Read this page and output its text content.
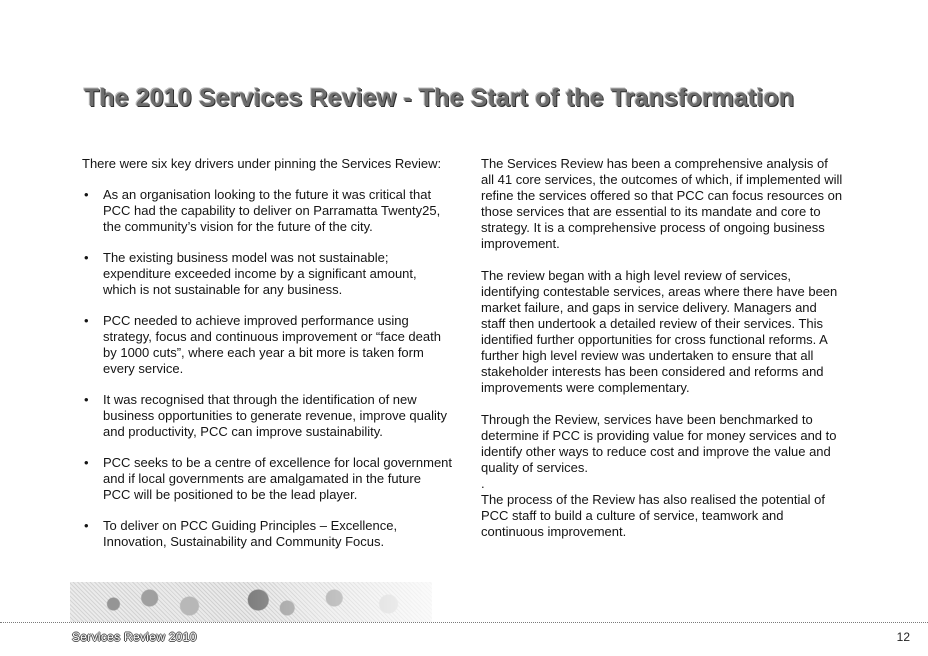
The 2010 Services Review - The Start of the Transformation

There were six key drivers under pinning the Services Review:

• As an organisation looking to the future it was critical that PCC had the capability to deliver on Parramatta Twenty25, the community’s vision for the future of the city.
• The existing business model was not sustainable; expenditure exceeded income by a significant amount, which is not sustainable for any business.
• PCC needed to achieve improved performance using strategy, focus and continuous improvement or “face death by 1000 cuts”, where each year a bit more is taken form every service.
• It was recognised that through the identification of new business opportunities to generate revenue, improve quality and productivity, PCC can improve sustainability.
• PCC seeks to be a centre of excellence for local government and if local governments are amalgamated in the future PCC will be positioned to be the lead player.
• To deliver on PCC Guiding Principles – Excellence, Innovation, Sustainability and Community Focus.

The Services Review has been a comprehensive analysis of all 41 core services, the outcomes of which, if implemented will refine the services offered so that PCC can focus resources on those services that are essential to its mandate and core to strategy. It is a comprehensive process of ongoing business improvement.

The review began with a high level review of services, identifying contestable services, areas where there have been market failure, and gaps in service delivery. Managers and staff then undertook a detailed review of their services. This identified further opportunities for cross functional reforms. A further high level review was undertaken to ensure that all stakeholder interests has been considered and reforms and improvements were complementary.

Through the Review, services have been benchmarked to determine if PCC is providing value for money services and to identify other ways to reduce cost and improve the value and quality of services.

.

The process of the Review has also realised the potential of PCC staff to build a culture of service, teamwork and continuous improvement.

Services Review 2010	12
